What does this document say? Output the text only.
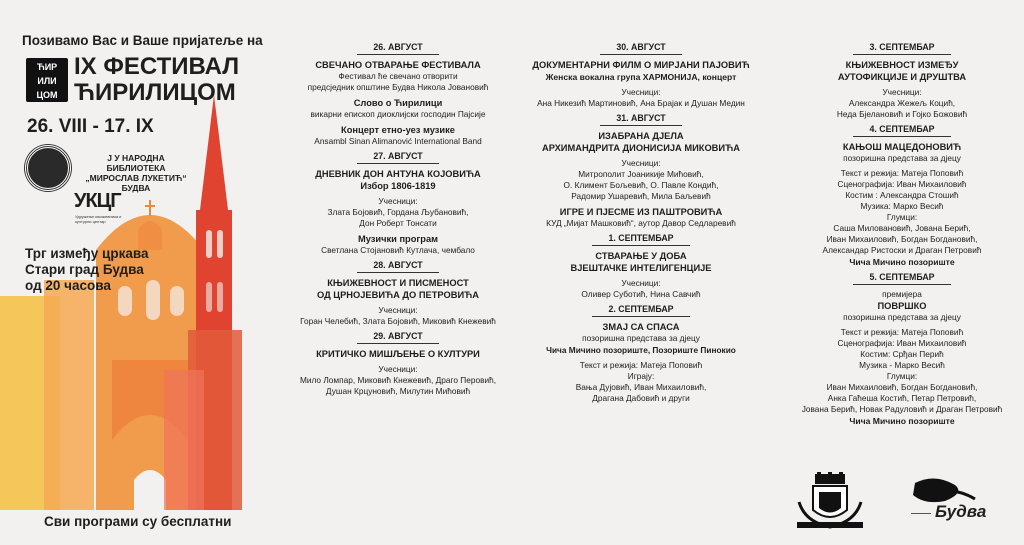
Позивамо Вас и Ваше пријатеље на
ЋИР
ИЛИ
ЦОМ
IX ФЕСТИВАЛ
ЋИРИЛИЦОМ
26. VIII - 17. IX
Ј У НАРОДНА БИБЛИОТЕКА
„МИРОСЛАВ ЛУКЕТИЋ“
БУДВА
УКЦГ
Удружење књижевника и културни центар
Трг између цркава
Стари град Будва
од 20 часова
Сви програми су бесплатни
26. АВГУСТ
СВЕЧАНО ОТВАРАЊЕ ФЕСТИВАЛА
Фестивал ће свечано отворити
предсједник општине Будва Никола Јовановић
Слово о Ћирилици
викарни епископ диоклијски господин Пајсије
Концерт етно-уез музике
Ansambl Sinan Alimanović International Band
27. АВГУСТ
ДНЕВНИК ДОН АНТУНА КОЈОВИЋА
Избор 1806-1819
Учесници:
Злата Бојовић, Гордана Љубановић,
Дон Роберт Тонсати
Музички програм
Светлана Стојановић Кутлача, чембало
28. АВГУСТ
КЊИЖЕВНОСТ И ПИСМЕНОСТ
ОД ЦРНОЈЕВИЋА ДО ПЕТРОВИЋА
Учесници:
Горан Челебић, Злата Бојовић, Миковић Кнежевић
29. АВГУСТ
КРИТИЧКО МИШЉЕЊЕ О КУЛТУРИ
Учесници:
Мило Ломпар, Миковић Кнежевић, Драго Перовић,
Душан Крцуновић, Милутин Мићовић
30. АВГУСТ
ДОКУМЕНТАРНИ ФИЛМ О МИРЈАНИ ПАЈОВИЋ
Женска вокална група ХАРМОНИЈА, концерт
Учесници:
Ана Никезић Мартиновић, Ана Брајак и Душан Медин
31. АВГУСТ
ИЗАБРАНА ДЈЕЛА
АРХИМАНДРИТА ДИОНИСИЈА МИКОВИЋА
Учесници:
Митрополит Јоаникије Мићовић,
О. Климент Бољевић, О. Павле Кондић,
Радомир Ушаревић, Мила Баљевић
ИГРЕ И ПЈЕСМЕ ИЗ ПАШТРОВИЋА
КУД „Мијат Машковић“, аутор Давор Седларевић
1. СЕПТЕМБАР
СТВАРАЊЕ У ДОБА
ВЈЕШТАЧКЕ ИНТЕЛИГЕНЦИЈЕ
Учесници:
Оливер Суботић, Нина Савчић
2. СЕПТЕМБАР
ЗМАЈ СА СПАСА
позоришна представа за дјецу
Чича Мичино позориште, Позориште Пинокио
Текст и режија: Матеја Поповић
Играју:
Вања Дујовић, Иван Михаиловић,
Драгана Дабовић и други
3. СЕПТЕМБАР
КЊИЖЕВНОСТ ИЗМЕЂУ
АУТОФИКЦИЈЕ И ДРУШТВА
Учесници:
Александра Жежељ Коцић,
Неда Бјелановић и Гојко Божовић
4. СЕПТЕМБАР
КАЊОШ МАЦЕДОНОВИЋ
позоришна представа за дјецу
Текст и режија: Матеја Поповић
Сценографија: Иван Михаиловић
Костим : Александра Стошић
Музика: Марко Весић
Глумци:
Саша Милованoвић, Јована Берић,
Иван Михаиловић, Богдан Богдановић,
Александар Ристоски и Драган Петровић
Чича Мичино позориште
5. СЕПТЕМБАР
премијера
ПОВРШКО
позоришна представа за дјецу
Текст и режија: Матеја Поповић
Сценографија: Иван Михаиловић
Костим: Срђан Перић
Музика - Марко Весић
Глумци:
Иван Михаиловић, Богдан Богдановић,
Анка Гаћеша Костић, Петар Петровић,
Јована Берић, Новак Радуловић и Драган Петровић
Чича Мичино позориште
Будва
